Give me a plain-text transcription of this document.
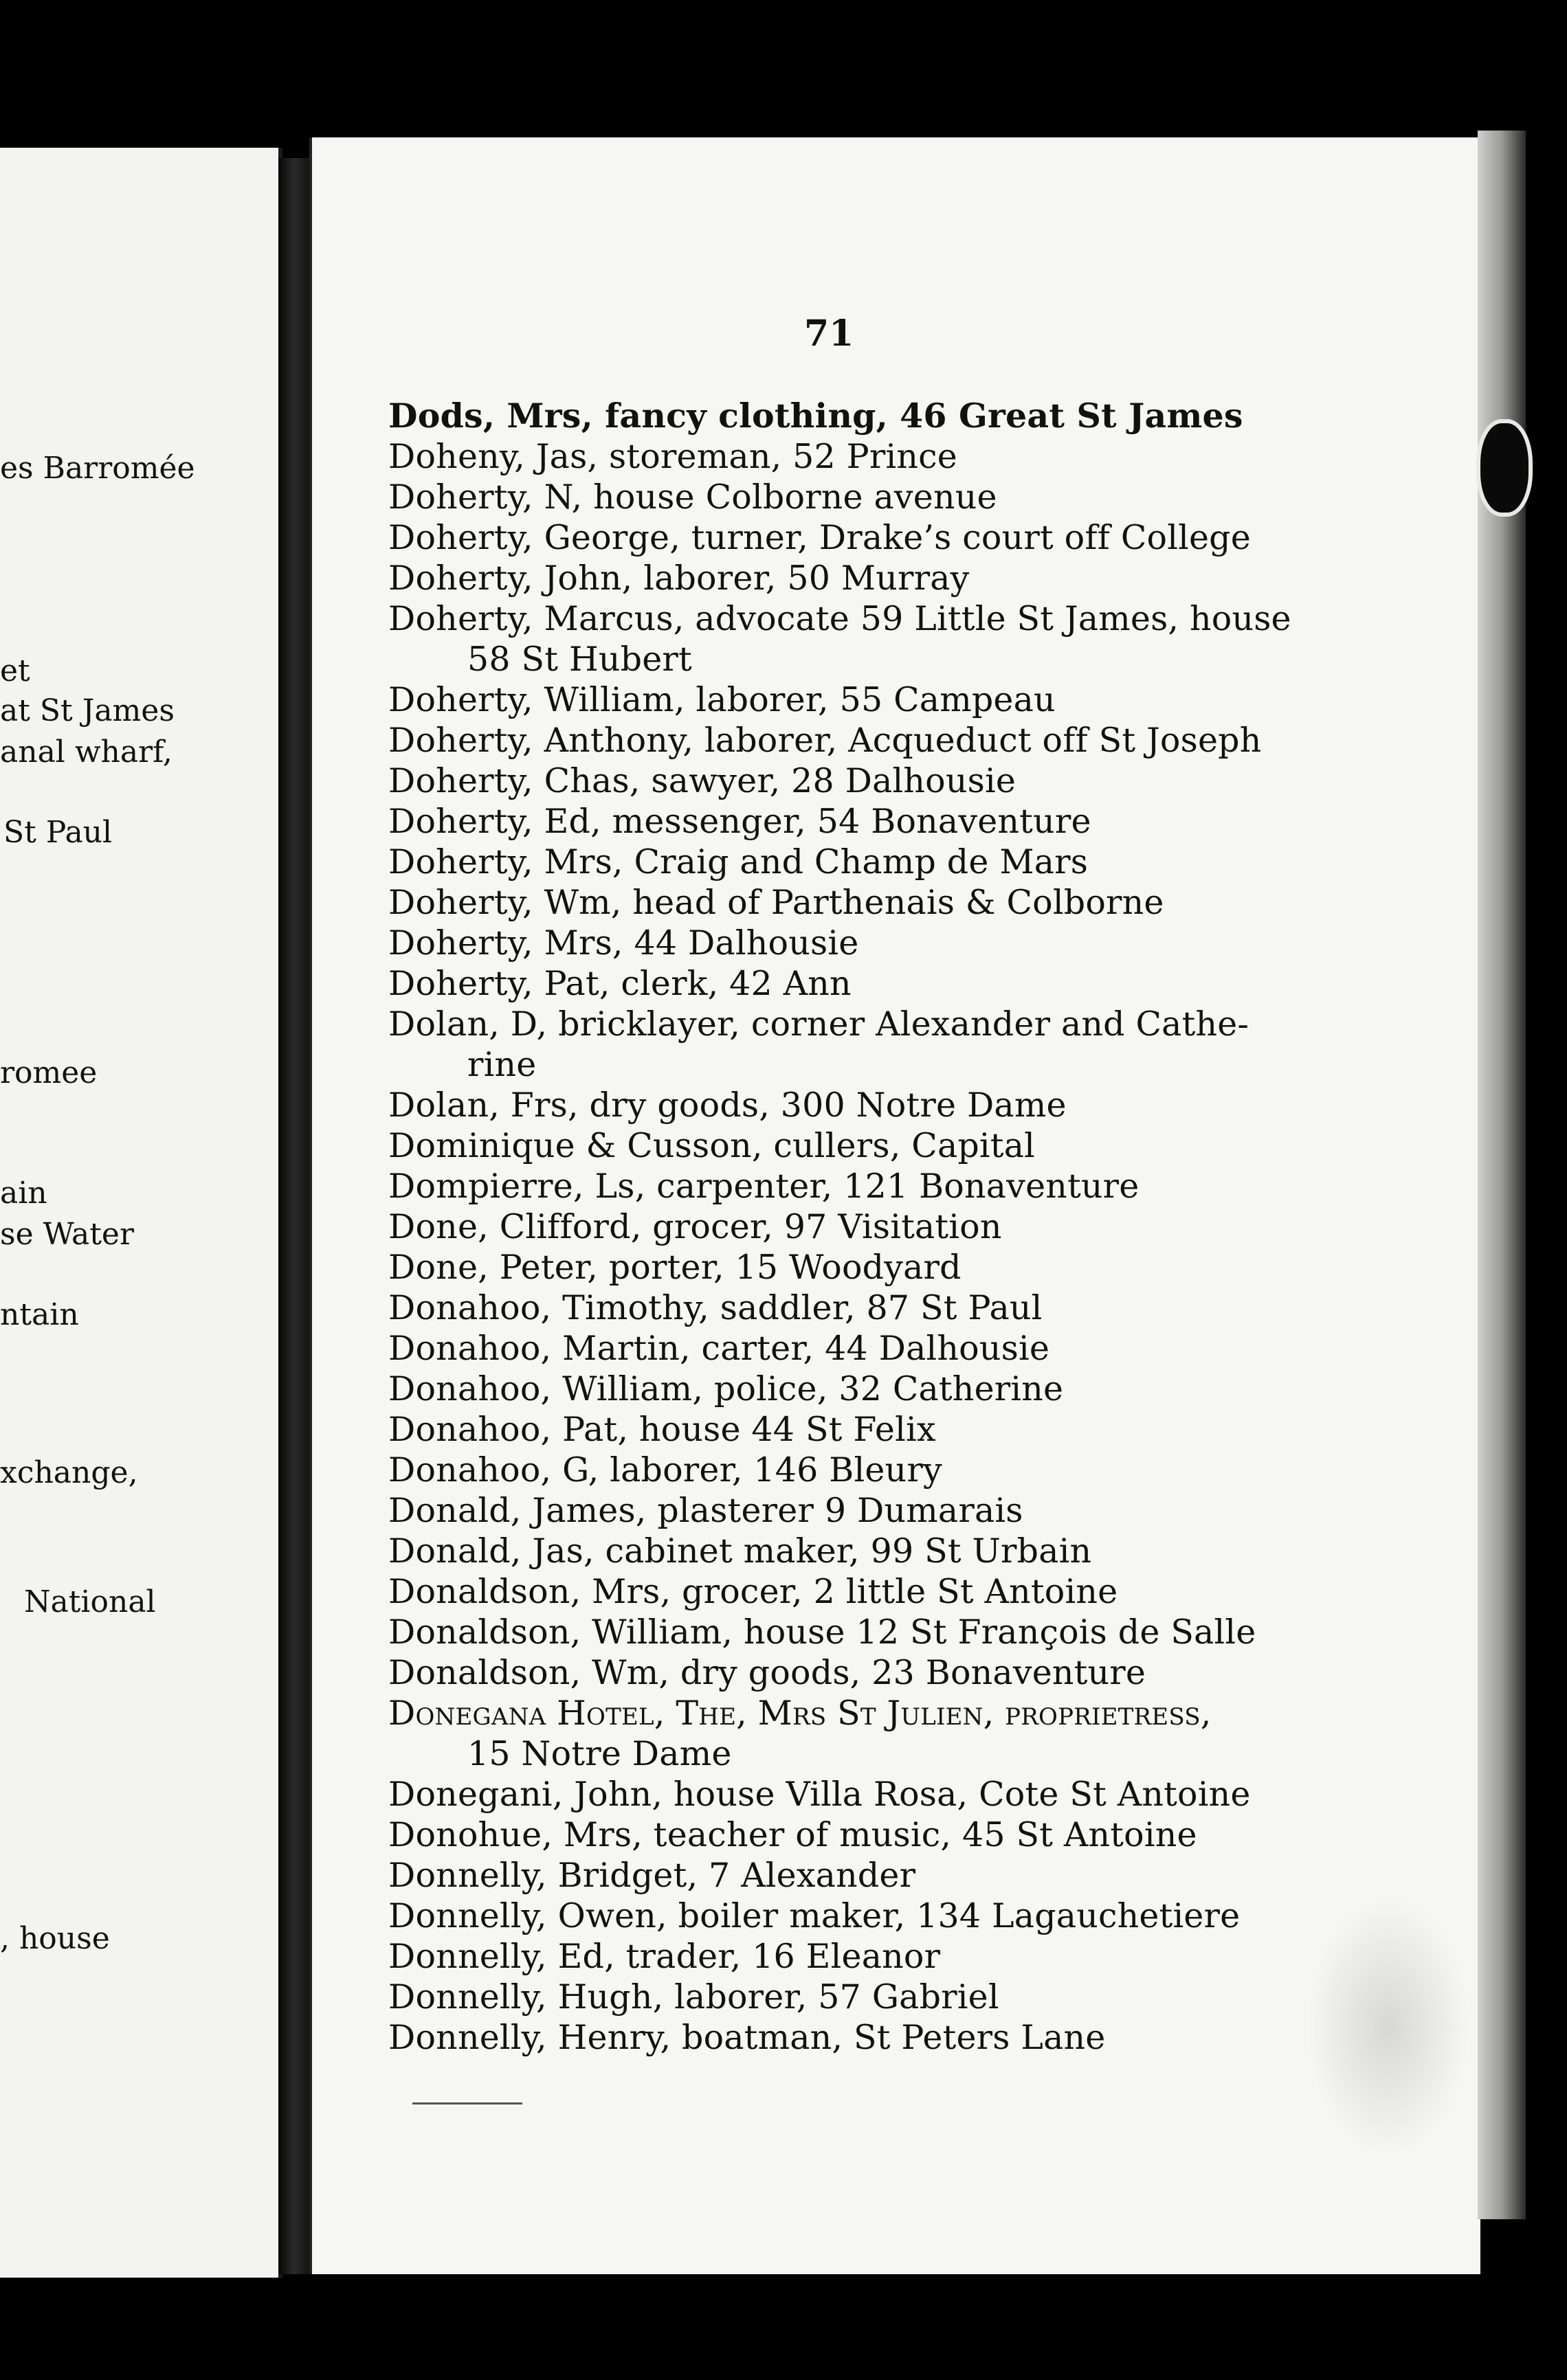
es Barromée
et
at St James
anal wharf,
St Paul
romee
ain
se Water
ntain
xchange,
National
, house
71
Dods, Mrs, fancy clothing, 46 Great St James
Doheny, Jas, storeman, 52 Prince
Doherty, N, house Colborne avenue
Doherty, George, turner, Drake’s court off College
Doherty, John, laborer, 50 Murray
Doherty, Marcus, advocate 59 Little St James, house
58 St Hubert
Doherty, William, laborer, 55 Campeau
Doherty, Anthony, laborer, Acqueduct off St Joseph
Doherty, Chas, sawyer, 28 Dalhousie
Doherty, Ed, messenger, 54 Bonaventure
Doherty, Mrs, Craig and Champ de Mars
Doherty, Wm, head of Parthenais & Colborne
Doherty, Mrs, 44 Dalhousie
Doherty, Pat, clerk, 42 Ann
Dolan, D, bricklayer, corner Alexander and Cathe-
rine
Dolan, Frs, dry goods, 300 Notre Dame
Dominique & Cusson, cullers, Capital
Dompierre, Ls, carpenter, 121 Bonaventure
Done, Clifford, grocer, 97 Visitation
Done, Peter, porter, 15 Woodyard
Donahoo, Timothy, saddler, 87 St Paul
Donahoo, Martin, carter, 44 Dalhousie
Donahoo, William, police, 32 Catherine
Donahoo, Pat, house 44 St Felix
Donahoo, G, laborer, 146 Bleury
Donald, James, plasterer 9 Dumarais
Donald, Jas, cabinet maker, 99 St Urbain
Donaldson, Mrs, grocer, 2 little St Antoine
Donaldson, William, house 12 St François de Salle
Donaldson, Wm, dry goods, 23 Bonaventure
Donegana Hotel, The, Mrs St Julien, proprietress,
15 Notre Dame
Donegani, John, house Villa Rosa, Cote St Antoine
Donohue, Mrs, teacher of music, 45 St Antoine
Donnelly, Bridget, 7 Alexander
Donnelly, Owen, boiler maker, 134 Lagauchetiere
Donnelly, Ed, trader, 16 Eleanor
Donnelly, Hugh, laborer, 57 Gabriel
Donnelly, Henry, boatman, St Peters Lane
